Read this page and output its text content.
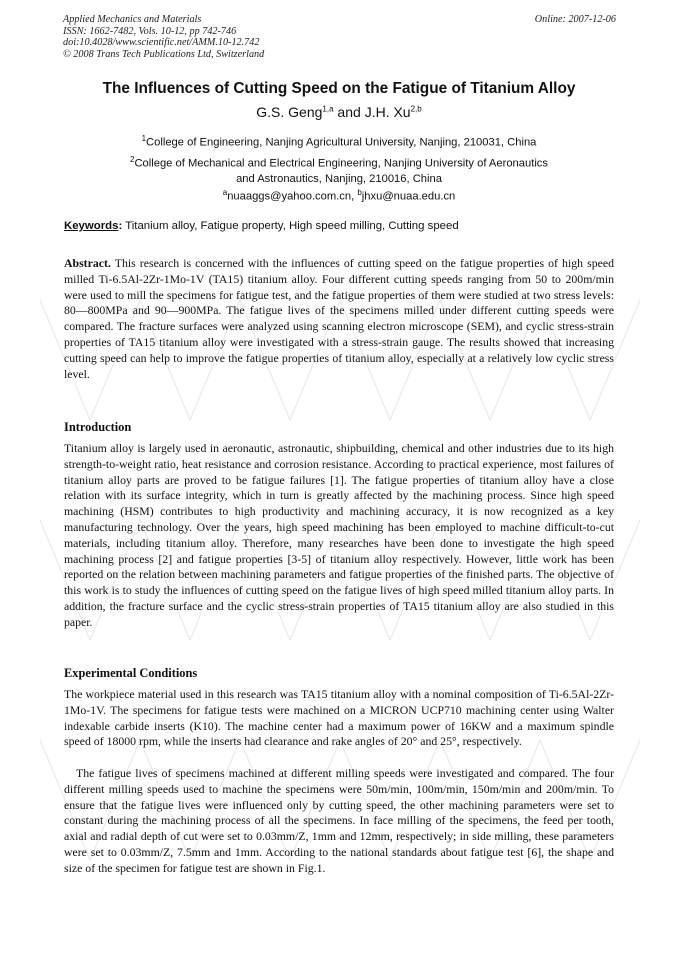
Applied Mechanics and Materials
ISSN: 1662-7482, Vols. 10-12, pp 742-746
doi:10.4028/www.scientific.net/AMM.10-12.742
© 2008 Trans Tech Publications Ltd, Switzerland
Online: 2007-12-06
The Influences of Cutting Speed on the Fatigue of Titanium Alloy
G.S. Geng$^{1,a}$ and J.H. Xu$^{2,b}$
$^1$College of Engineering, Nanjing Agricultural University, Nanjing, 210031, China
$^2$College of Mechanical and Electrical Engineering, Nanjing University of Aeronautics
and Astronautics, Nanjing, 210016, China
$^a$nuaaggs@yahoo.com.cn, $^b$jhxu@nuaa.edu.cn
Keywords: Titanium alloy, Fatigue property, High speed milling, Cutting speed
Abstract. This research is concerned with the influences of cutting speed on the fatigue properties of high speed milled Ti-6.5Al-2Zr-1Mo-1V (TA15) titanium alloy. Four different cutting speeds ranging from 50 to 200m/min were used to mill the specimens for fatigue test, and the fatigue properties of them were studied at two stress levels: 80—800MPa and 90—900MPa. The fatigue lives of the specimens milled under different cutting speeds were compared. The fracture surfaces were analyzed using scanning electron microscope (SEM), and cyclic stress-strain properties of TA15 titanium alloy were investigated with a stress-strain gauge. The results showed that increasing cutting speed can help to improve the fatigue properties of titanium alloy, especially at a relatively low cyclic stress level.
Introduction
Titanium alloy is largely used in aeronautic, astronautic, shipbuilding, chemical and other industries due to its high strength-to-weight ratio, heat resistance and corrosion resistance. According to practical experience, most failures of titanium alloy parts are proved to be fatigue failures [1]. The fatigue properties of titanium alloy have a close relation with its surface integrity, which in turn is greatly affected by the machining process. Since high speed machining (HSM) contributes to high productivity and machining accuracy, it is now recognized as a key manufacturing technology. Over the years, high speed machining has been employed to machine difficult-to-cut materials, including titanium alloy. Therefore, many researches have been done to investigate the high speed machining process [2] and fatigue properties [3-5] of titanium alloy respectively. However, little work has been reported on the relation between machining parameters and fatigue properties of the finished parts. The objective of this work is to study the influences of cutting speed on the fatigue lives of high speed milled titanium alloy parts. In addition, the fracture surface and the cyclic stress-strain properties of TA15 titanium alloy are also studied in this paper.
Experimental Conditions
The workpiece material used in this research was TA15 titanium alloy with a nominal composition of Ti-6.5Al-2Zr-1Mo-1V. The specimens for fatigue tests were machined on a MICRON UCP710 machining center using Walter indexable carbide inserts (K10). The machine center had a maximum power of 16KW and a maximum spindle speed of 18000 rpm, while the inserts had clearance and rake angles of 20° and 25°, respectively.
The fatigue lives of specimens machined at different milling speeds were investigated and compared. The four different milling speeds used to machine the specimens were 50m/min, 100m/min, 150m/min and 200m/min. To ensure that the fatigue lives were influenced only by cutting speed, the other machining parameters were set to constant during the machining process of all the specimens. In face milling of the specimens, the feed per tooth, axial and radial depth of cut were set to 0.03mm/Z, 1mm and 12mm, respectively; in side milling, these parameters were set to 0.03mm/Z, 7.5mm and 1mm. According to the national standards about fatigue test [6], the shape and size of the specimen for fatigue test are shown in Fig.1.
